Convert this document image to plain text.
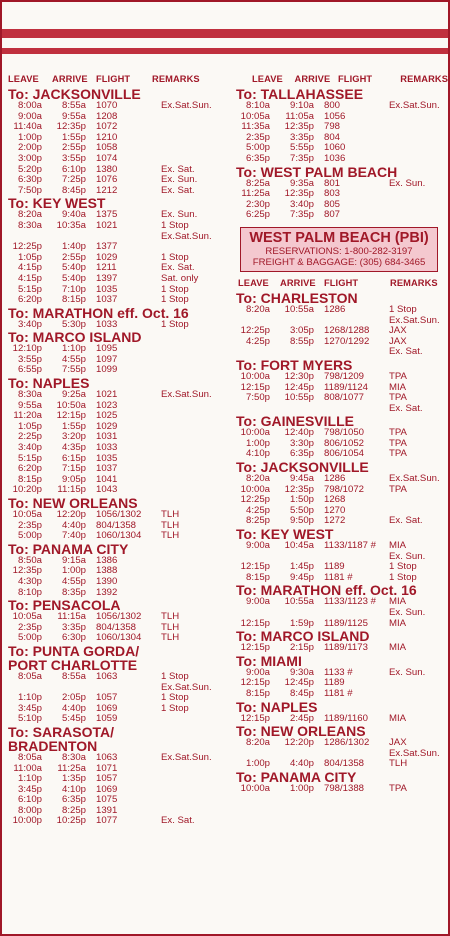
LEAVE	ARRIVE FLIGHT	REMARKS
To: JACKSONVILLE
8:00a	8:55a	1070	Ex.Sat.Sun.
9:00a	9:55a	1208
11:40a	12:35p	1072
1:00p	1:55p	1210
2:00p	2:55p	1058
3:00p	3:55p	1074
5:20p	6:10p	1380	Ex. Sat.
6:30p	7:25p	1076	Ex. Sun.
7:50p	8:45p	1212	Ex. Sat.
To: KEY WEST
8:20a	9:40a	1375	Ex. Sun.
8:30a	10:35a	1021	1 Stop
Ex.Sat.Sun.
12:25p	1:40p	1377
1:05p	2:55p	1029	1 Stop
4:15p	5:40p	1211	Ex. Sat.
4:15p	5:40p	1397	Sat. only
5:15p	7:10p	1035	1 Stop
6:20p	8:15p	1037	1 Stop
To: MARATHON eff. Oct. 16
3:40p	5:30p	1033	1 Stop
To: MARCO ISLAND
12:10p	1:10p	1095
3:55p	4:55p	1097
6:55p	7:55p	1099
To: NAPLES
8:30a	9:25a	1021	Ex.Sat.Sun.
9:55a	10:50a	1023
11:20a	12:15p	1025
1:05p	1:55p	1029
2:25p	3:20p	1031
3:40p	4:35p	1033
5:15p	6:15p	1035
6:20p	7:15p	1037
8:15p	9:05p	1041
10:20p	11:15p	1043
To: NEW ORLEANS
10:05a	12:20p	1056/1302	TLH
2:35p	4:40p	804/1358	TLH
5:00p	7:40p	1060/1304	TLH
To: PANAMA CITY
8:50a	9:15a	1386
12:35p	1:00p	1388
4:30p	4:55p	1390
8:10p	8:35p	1392
To: PENSACOLA
10:05a	11:15a	1056/1302	TLH
2:35p	3:35p	804/1358	TLH
5:00p	6:30p	1060/1304	TLH
To: PUNTA GORDA/
PORT CHARLOTTE
8:05a	8:55a	1063	1 Stop
Ex.Sat.Sun.
1:10p	2:05p	1057	1 Stop
3:45p	4:40p	1069	1 Stop
5:10p	5:45p	1059
To: SARASOTA/
BRADENTON
8:05a	8:30a	1063	Ex.Sat.Sun.
11:00a	11:25a	1071
1:10p	1:35p	1057
3:45p	4:10p	1069
6:10p	6:35p	1075
8:00p	8:25p	1391
10:00p	10:25p	1077	Ex. Sat.
LEAVE	ARRIVE FLIGHT	REMARKS
To: TALLAHASSEE
8:10a	9:10a	800	Ex.Sat.Sun.
10:05a	11:05a	1056
11:35a	12:35p	798
2:35p	3:35p	804
5:00p	5:55p	1060
6:35p	7:35p	1036
To: WEST PALM BEACH
8:25a	9:35a	801	Ex. Sun.
11:25a	12:35p	803
2:30p	3:40p	805
6:25p	7:35p	807
WEST PALM BEACH (PBI)
RESERVATIONS: 1-800-282-3197
FREIGHT & BAGGAGE: (305) 684-3465
LEAVE	ARRIVE FLIGHT	REMARKS
To: CHARLESTON
8:20a	10:55a	1286	1 Stop
Ex.Sat.Sun.
12:25p	3:05p	1268/1288	JAX
4:25p	8:55p	1270/1292	JAX
Ex. Sat.
To: FORT MYERS
10:00a	12:30p	798/1209	TPA
12:15p	12:45p	1189/1124	MIA
7:50p	10:55p	808/1077	TPA
Ex. Sat.
To: GAINESVILLE
10:00a	12:40p	798/1050	TPA
1:00p	3:30p	806/1052	TPA
4:10p	6:35p	806/1054	TPA
To: JACKSONVILLE
8:20a	9:45a	1286	Ex.Sat.Sun.
10:00a	12:35p	798/1072	TPA
12:25p	1:50p	1268
4:25p	5:50p	1270
8:25p	9:50p	1272	Ex. Sat.
To: KEY WEST
9:00a	10:45a	1133/1187 #	MIA
Ex. Sun.
12:15p	1:45p	1189	1 Stop
8:15p	9:45p	1181 #	1 Stop
To: MARATHON eff. Oct. 16
9:00a	10:55a	1133/1123 #	MIA
Ex. Sun.
12:15p	1:59p	1189/1125	MIA
To: MARCO ISLAND
12:15p	2:15p	1189/1173	MIA
To: MIAMI
9:00a	9:30a	1133 #	Ex. Sun.
12:15p	12:45p	1189
8:15p	8:45p	1181 #
To: NAPLES
12:15p	2:45p	1189/1160	MIA
To: NEW ORLEANS
8:20a	12:20p	1286/1302	JAX
Ex.Sat.Sun.
1:00p	4:40p	804/1358	TLH
To: PANAMA CITY
10:00a	1:00p	798/1388	TPA
